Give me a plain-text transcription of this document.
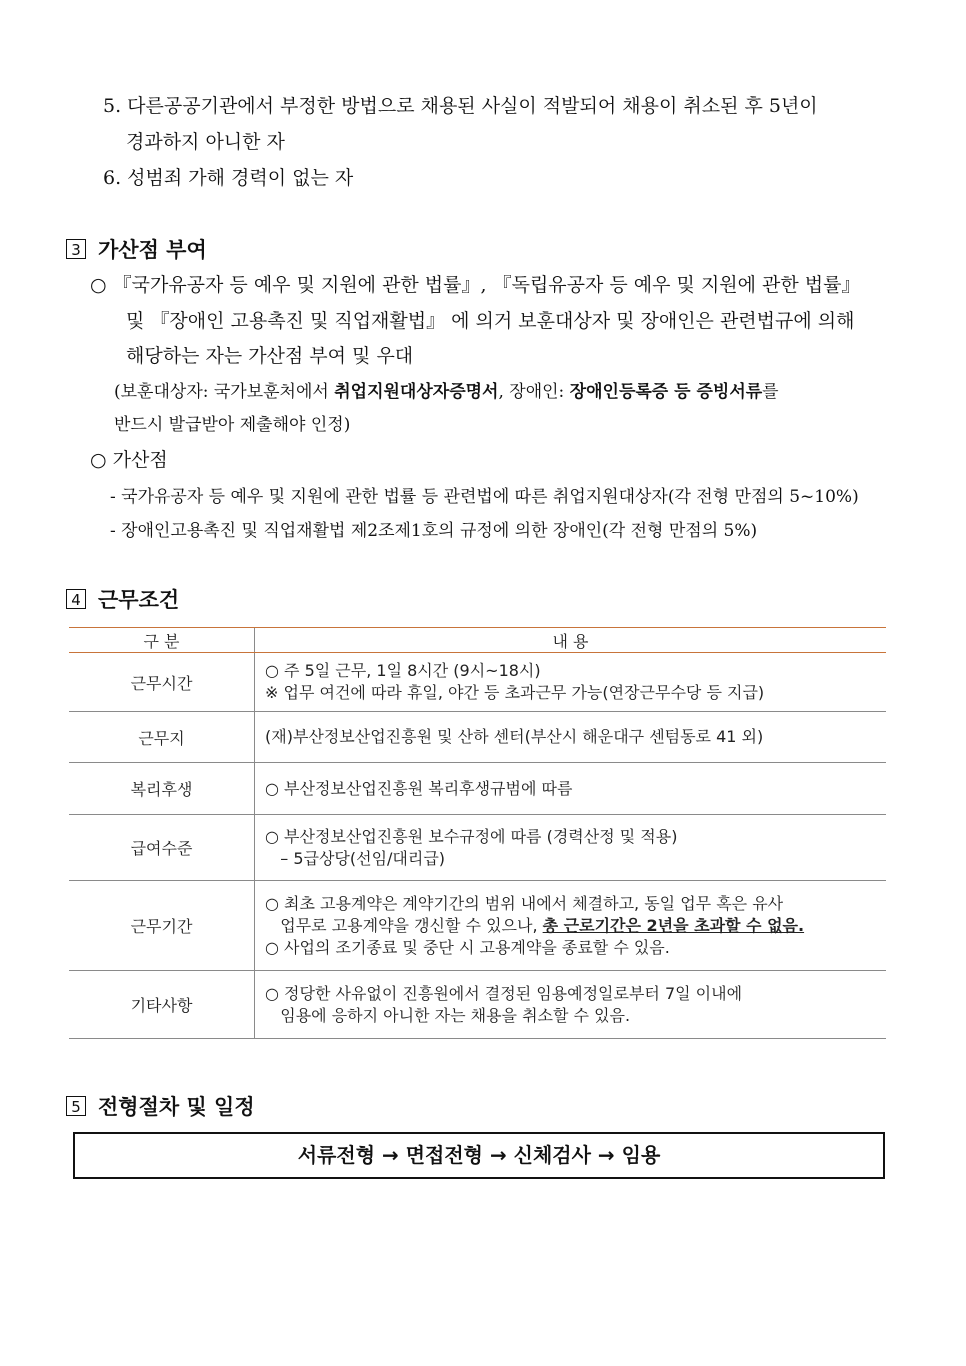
5. 다른공공기관에서 부정한 방법으로 채용된 사실이 적발되어 채용이 취소된 후 5년이
경과하지 아니한 자
6. 성범죄 가해 경력이 없는 자
3 가산점 부여
○ 『국가유공자 등 예우 및 지원에 관한 법률』, 『독립유공자 등 예우 및 지원에 관한 법률』
및 『장애인 고용촉진 및 직업재활법』 에 의거 보훈대상자 및 장애인은 관련법규에 의해
해당하는 자는 가산점 부여 및 우대
(보훈대상자: 국가보훈처에서 취업지원대상자증명서, 장애인: 장애인등록증 등 증빙서류를
반드시 발급받아 제출해야 인정)
○ 가산점
- 국가유공자 등 예우 및 지원에 관한 법률 등 관련법에 따른 취업지원대상자(각 전형 만점의 5~10%)
- 장애인고용촉진 및 직업재활법 제2조제1호의 규정에 의한 장애인(각 전형 만점의 5%)
4 근무조건
구 분	내 용
근무시간	○ 주 5일 근무, 1일 8시간 (9시~18시)
※ 업무 여건에 따라 휴일, 야간 등 초과근무 가능(연장근무수당 등 지급)

근무지	(재)부산정보산업진흥원 및 산하 센터(부산시 해운대구 센텀동로 41 외)

복리후생	○ 부산정보산업진흥원 복리후생규범에 따름

급여수준	○ 부산정보산업진흥원 보수규정에 따름 (경력산정 및 적용)
– 5급상당(선임/대리급)

근무기간	○ 최초 고용계약은 계약기간의 범위 내에서 체결하고, 동일 업무 혹은 유사
업무로 고용계약을 갱신할 수 있으나, 총 근로기간은 2년을 초과할 수 없음.
○ 사업의 조기종료 및 중단 시 고용계약을 종료할 수 있음.

기타사항	○ 정당한 사유없이 진흥원에서 결정된 임용예정일로부터 7일 이내에
임용에 응하지 아니한 자는 채용을 취소할 수 있음.
5 전형절차 및 일정
서류전형 → 면접전형 → 신체검사 → 임용
